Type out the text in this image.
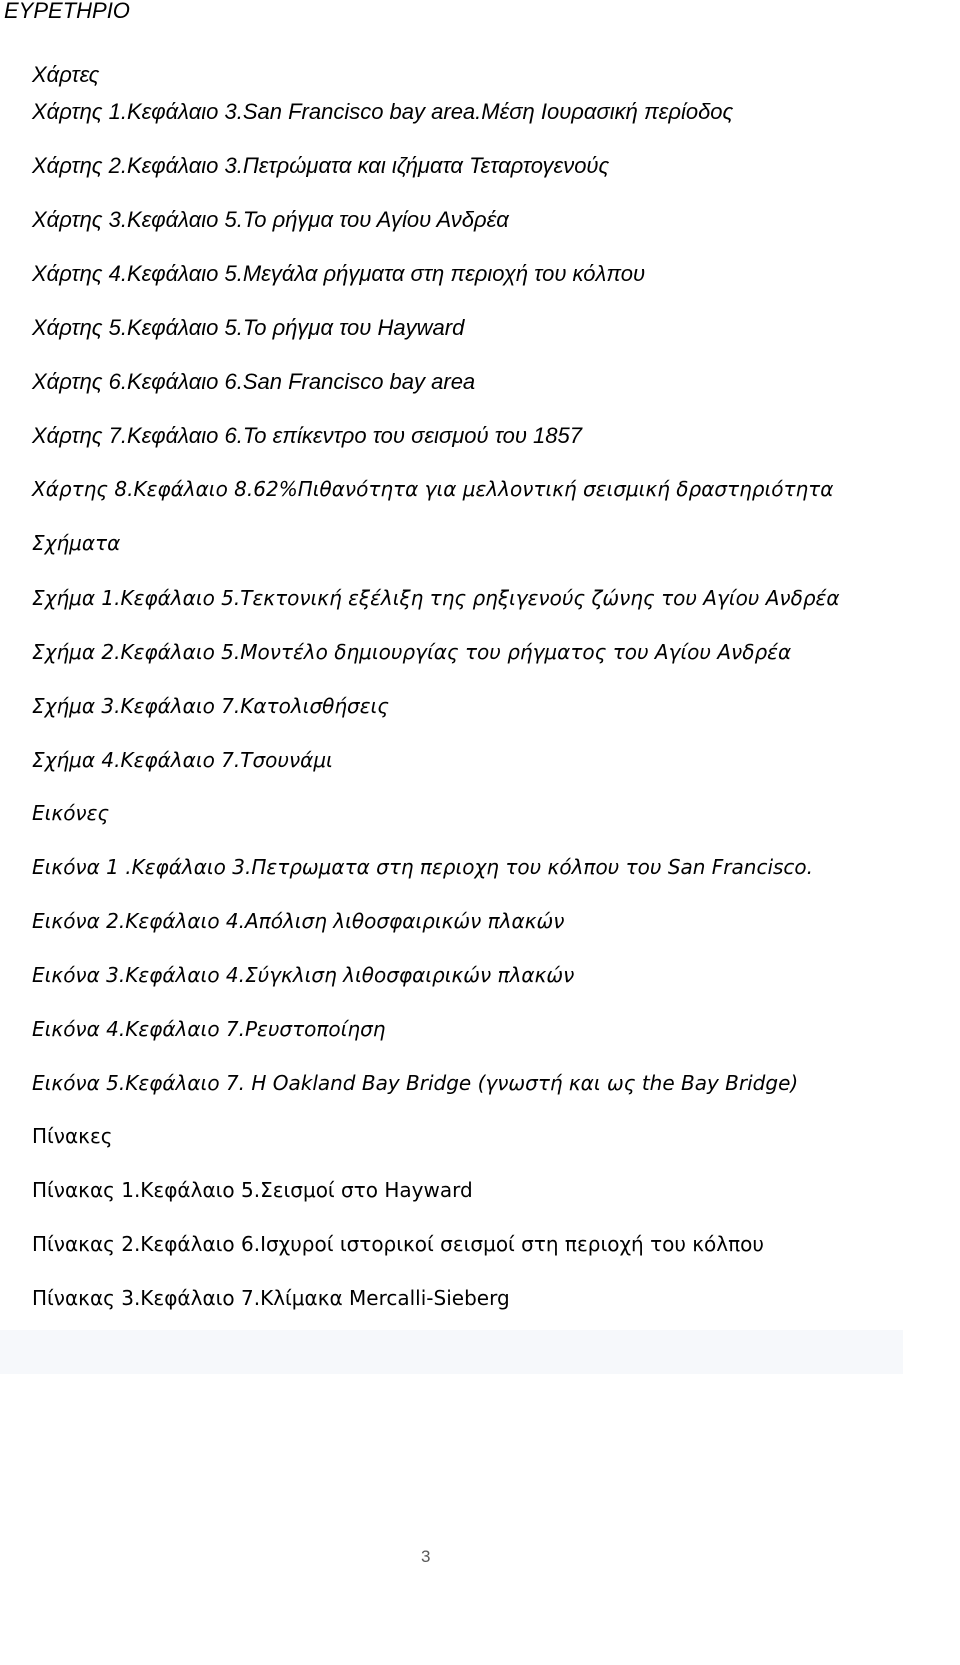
ΕΥΡΕΤΗΡΙΟ
Χάρτες
Χάρτης 1.Κεφάλαιο 3.San Francisco bay area.Μέση Ιουρασική περίοδος
Χάρτης 2.Κεφάλαιο 3.Πετρώματα και ιζήματα Τεταρτογενούς
Χάρτης 3.Κεφάλαιο 5.Το ρήγμα του Αγίου Ανδρέα
Χάρτης 4.Κεφάλαιο 5.Μεγάλα ρήγματα στη περιοχή του κόλπου
Χάρτης 5.Κεφάλαιο 5.Το ρήγμα του Hayward
Χάρτης 6.Κεφάλαιο 6.San Francisco bay area
Χάρτης 7.Κεφάλαιο 6.Το επίκεντρο του σεισμού του 1857
Χάρτης 8.Κεφάλαιο 8.62%Πιθανότητα για μελλοντική σεισμική δραστηριότητα
Σχήματα
Σχήμα 1.Κεφάλαιο 5.Τεκτονική εξέλιξη της ρηξιγενούς ζώνης του Αγίου Ανδρέα
Σχήμα 2.Κεφάλαιο 5.Μοντέλο δημιουργίας του ρήγματος του Αγίου Ανδρέα
Σχήμα 3.Κεφάλαιο 7.Κατολισθήσεις
Σχήμα 4.Κεφάλαιο 7.Τσουνάμι
Εικόνες
Εικόνα 1 .Κεφάλαιο 3.Πετρωματα στη περιοχη του κόλπου του San Francisco.
Εικόνα 2.Κεφάλαιο 4.Απόλιση λιθοσφαιρικών πλακών
Εικόνα 3.Κεφάλαιο 4.Σύγκλιση λιθοσφαιρικών πλακών
Εικόνα 4.Κεφάλαιο 7.Ρευστοποίηση
Εικόνα 5.Κεφάλαιο 7. Η Oakland Bay Bridge (γνωστή και ως the Bay Bridge)
Πίνακες
Πίνακας 1.Κεφάλαιο 5.Σεισμοί στο Hayward
Πίνακας 2.Κεφάλαιο 6.Ισχυροί ιστορικοί σεισμοί στη περιοχή του κόλπου
Πίνακας 3.Κεφάλαιο 7.Κλίμακα Mercalli-Sieberg
3
